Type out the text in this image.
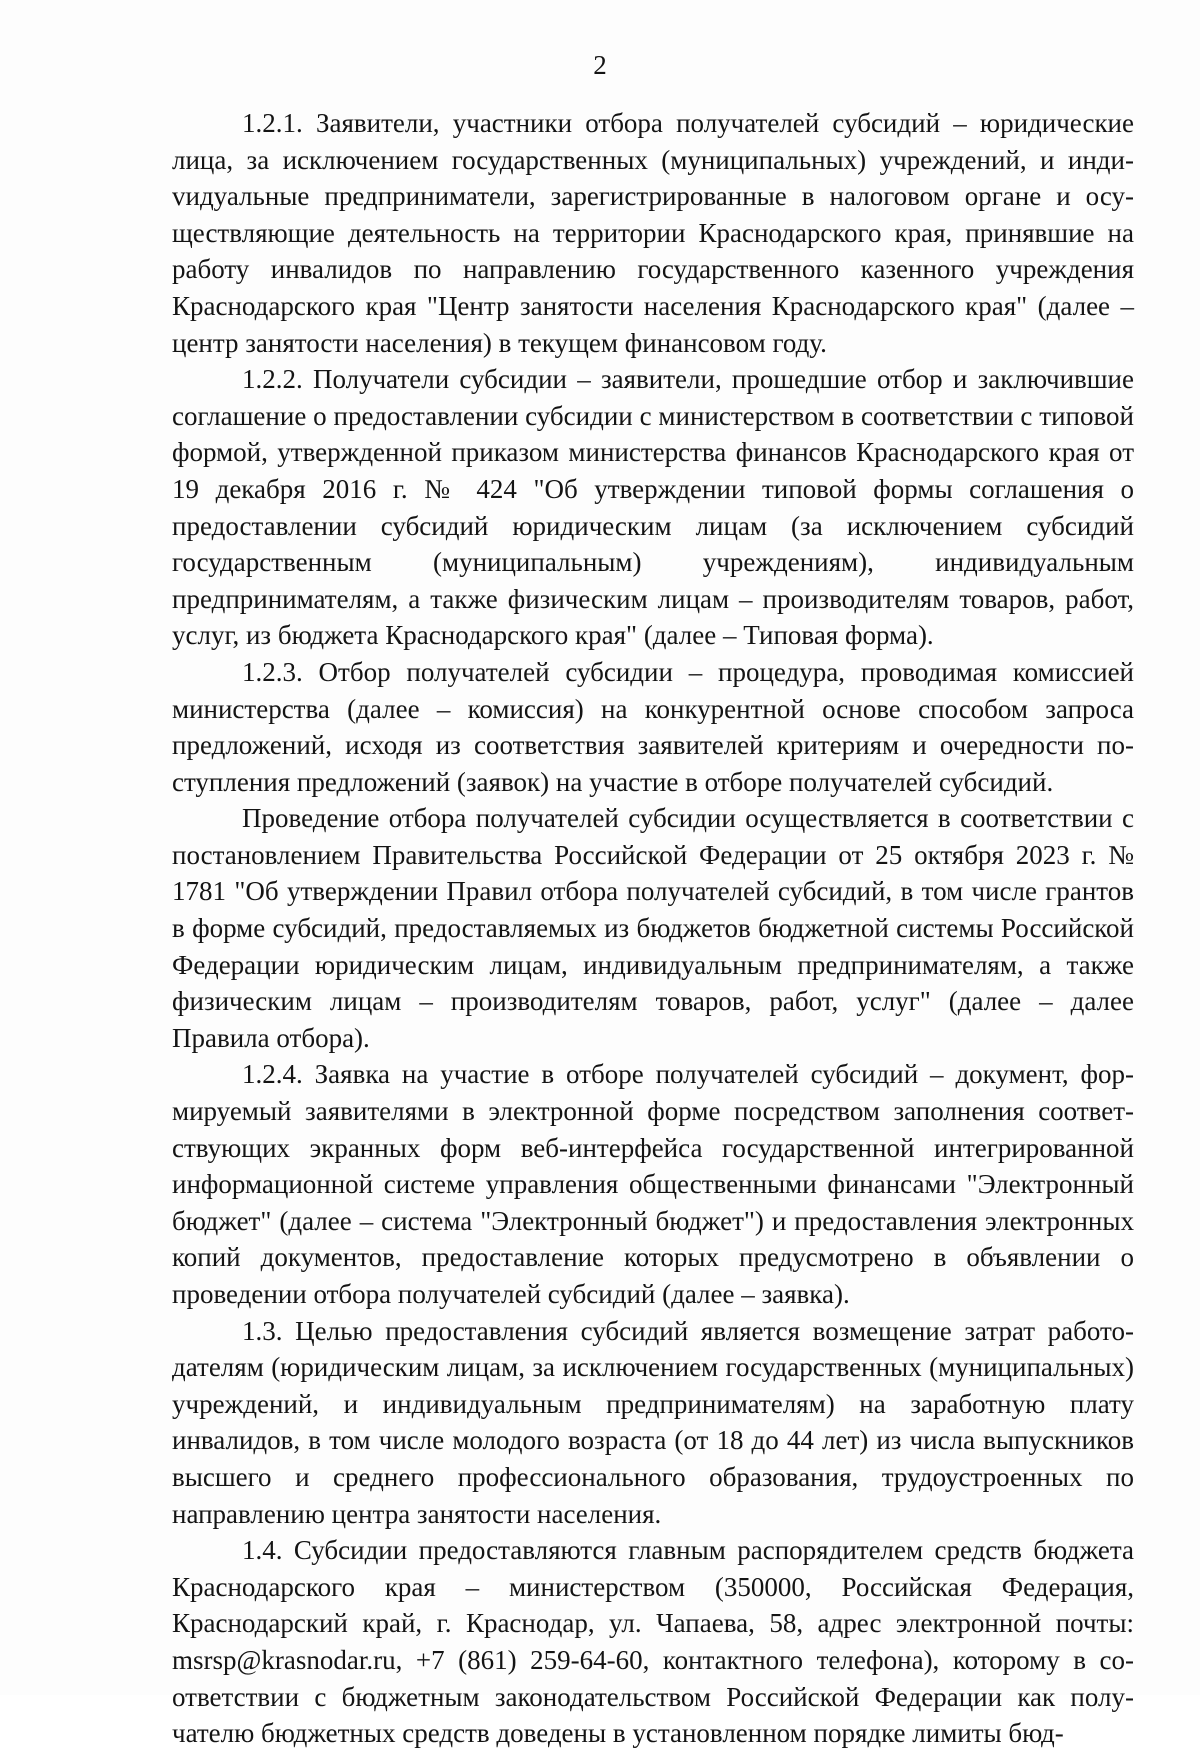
2

1.2.1. Заявители, участники отбора получателей субсидий – юридические лица, за исключением государственных (муниципальных) учреждений, и индиvидуальные предприниматели, зарегистрированные в налоговом органе и осуществляющие деятельность на территории Краснодарского края, принявшие на работу инвалидов по направлению государственного казенного учреждения Краснодарского края "Центр занятости населения Краснодарского края" (далее – центр занятости населения) в текущем финансовом году.

1.2.2. Получатели субсидии – заявители, прошедшие отбор и заключившие соглашение о предоставлении субсидии с министерством в соответствии с типовой формой, утвержденной приказом министерства финансов Краснодарского края от 19 декабря 2016 г. № 424 "Об утверждении типовой формы соглашения о предоставлении субсидий юридическим лицам (за исключением субсидий государственным (муниципальным) учреждениям), индивидуальным предпринимателям, а также физическим лицам – производителям товаров, работ, услуг, из бюджета Краснодарского края" (далее – Типовая форма).

1.2.3. Отбор получателей субсидии – процедура, проводимая комиссией министерства (далее – комиссия) на конкурентной основе способом запроса предложений, исходя из соответствия заявителей критериям и очередности поступления предложений (заявок) на участие в отборе получателей субсидий.

Проведение отбора получателей субсидии осуществляется в соответствии с постановлением Правительства Российской Федерации от 25 октября 2023 г. № 1781 "Об утверждении Правил отбора получателей субсидий, в том числе грантов в форме субсидий, предоставляемых из бюджетов бюджетной системы Российской Федерации юридическим лицам, индивидуальным предпринимателям, а также физическим лицам – производителям товаров, работ, услуг" (далее – далее Правила отбора).

1.2.4. Заявка на участие в отборе получателей субсидий – документ, формируемый заявителями в электронной форме посредством заполнения соответствующих экранных форм веб-интерфейса государственной интегрированной информационной системе управления общественными финансами "Электронный бюджет" (далее – система "Электронный бюджет") и предоставления электронных копий документов, предоставление которых предусмотрено в объявлении о проведении отбора получателей субсидий (далее – заявка).

1.3. Целью предоставления субсидий является возмещение затрат работодателям (юридическим лицам, за исключением государственных (муниципальных) учреждений, и индивидуальным предпринимателям) на заработную плату инвалидов, в том числе молодого возраста (от 18 до 44 лет) из числа выпускников высшего и среднего профессионального образования, трудоустроенных по направлению центра занятости населения.

1.4. Субсидии предоставляются главным распорядителем средств бюджета Краснодарского края – министерством (350000, Российская Федерация, Краснодарский край, г. Краснодар, ул. Чапаева, 58, адрес электронной почты: msrsp@krasnodar.ru, +7 (861) 259-64-60, контактного телефона), которому в соответствии с бюджетным законодательством Российской Федерации как получателю бюджетных средств доведены в установленном порядке лимиты бюд-
